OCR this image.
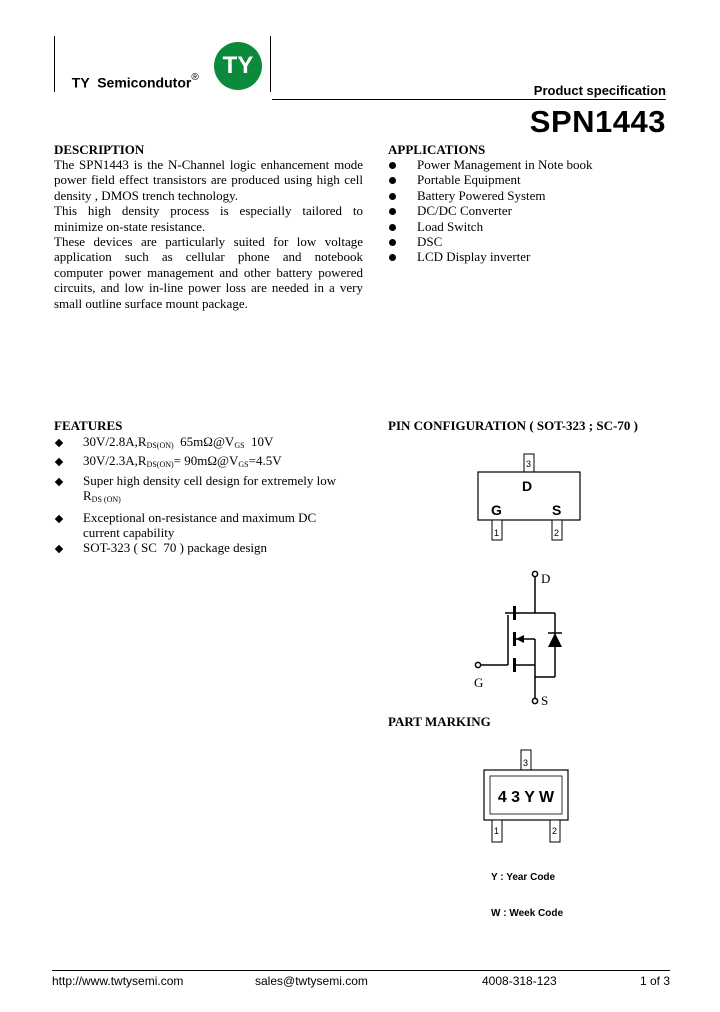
TY  Semicondutor® TY
Product specification
SPN1443
DESCRIPTION
The SPN1443 is the N-Channel logic enhancement mode
power field effect transistors are produced using high cell
density , DMOS trench technology.
This high density process is especially tailored to
minimize on-state resistance.
These devices are particularly suited for low voltage
application such as cellular phone and notebook
computer power management and other battery powered
circuits, and low in-line power loss are needed in a very
small outline surface mount package.
APPLICATIONS
Power Management in Note book
Portable Equipment
Battery Powered System
DC/DC Converter
Load Switch
DSC
LCD Display inverter
FEATURES
$30V/2.8A,R_{DS(ON)}$  $65m\Omega@V_{GS}$  10V
$30V/2.3A,R_{DS(ON)}=$ $90m\Omega@V_{GS}=4.5V$
Super high density cell design for extremely low
$R_{DS (ON)}$
Exceptional on-resistance and maximum DC
current capability
SOT-323 ( SC  70 ) package design
PIN CONFIGURATION ( SOT-323 ; SC-70 )
3
1	2
D
G	S
D
G
S
PART MARKING
3
1	2
4 3 Y W

Y : Year Code

W : Week Code

http://www.twtysemi.com	sales@twtysemi.com	4008-318-123	1 of 3
